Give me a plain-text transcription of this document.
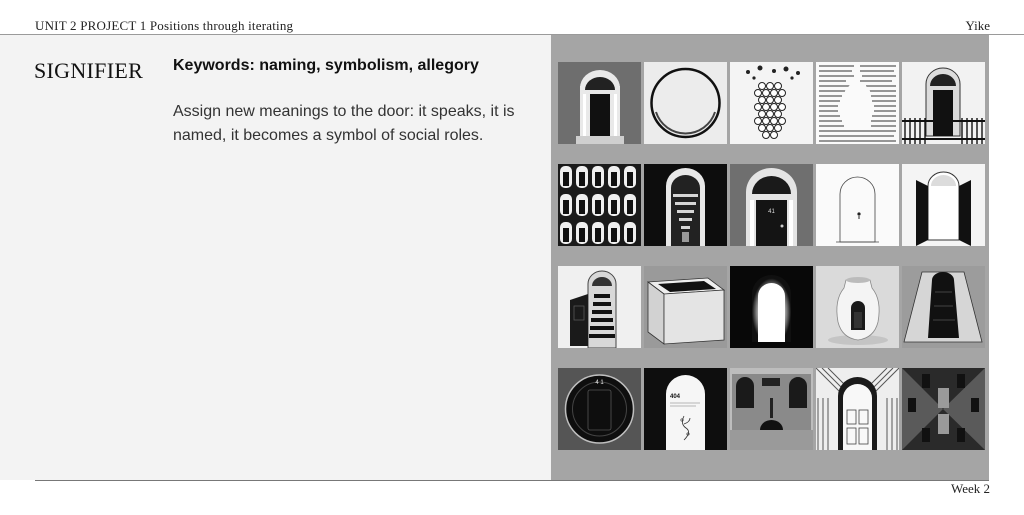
UNIT 2 PROJECT 1 Positions through iterating	Yike
SIGNIFIER Keywords: naming, symbolism, allegory
Assign new meanings to the door: it speaks, it is named, it becomes a symbol of social roles.
41
4 1
404
Week 2
